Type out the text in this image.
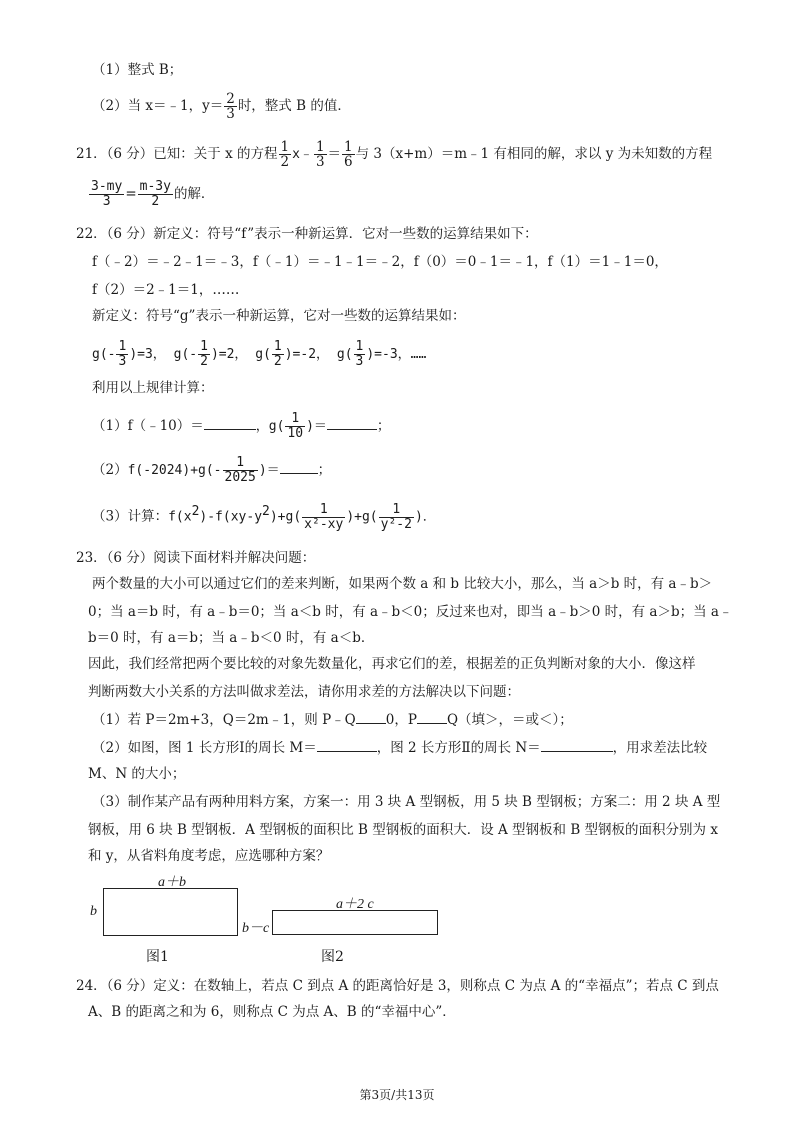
（1）整式 B；
（2）当 x＝﹣1，$y= \frac{2}{3}$ 时，整式 B 的值．
21．（6 分）已知：关于 x 的方程 $\frac{1}{2}$ x﹣ $\frac{1}{3} = \frac{1}{6}$ 与 3（x+m）＝m﹣1 有相同的解，求以 y 为未知数的方程
$\frac{3-my}{3} = \frac{m-3y}{2}$ 的解．
22．（6 分）新定义：符号“f”表示一种新运算．它对一些数的运算结果如下：
f（﹣2）＝﹣2﹣1＝﹣3，f（﹣1）＝﹣1﹣1＝﹣2，f（0）＝0﹣1＝﹣1，f（1）＝1﹣1＝0，
f（2）＝2﹣1＝1，……
新定义：符号“g”表示一种新运算，它对一些数的运算结果如：
$g(- \frac{1}{3} )=3$， $g(- \frac{1}{2} )=2$， $g( \frac{1}{2} )=-2$， $g( \frac{1}{3} )=-3$，……
利用以上规律计算：
（1）f（﹣10）＝	，$g( \frac{1}{10}$ )＝	；
$(2)f(-2024)+g(- \frac{1}{2025}$ )＝	；
（3）计算：$f(x^2)-f(xy-y^2)+g( \frac{1}{\text{x²-xy}} )+g( \frac{1}{\text{y²-2}}$ )．
23．（6 分）阅读下面材料并解决问题：
两个数量的大小可以通过它们的差来判断，如果两个数 a 和 b 比较大小，那么，当 a＞b 时，有 a﹣b＞
0；当 a＝b 时，有 a﹣b＝0；当 a＜b 时，有 a﹣b＜0；反过来也对，即当 a﹣b＞0 时，有 a＞b；当 a﹣
b＝0 时，有 a＝b；当 a﹣b＜0 时，有 a＜b．
因此，我们经常把两个要比较的对象先数量化，再求它们的差，根据差的正负判断对象的大小．像这样
判断两数大小关系的方法叫做求差法，请你用求差的方法解决以下问题：
（1）若 P＝2m+3，Q＝2m﹣1，则 P﹣Q 0，P Q（填＞，＝或＜）；
（2）如图，图 1 长方形Ⅰ的周长 M＝	，图 2 长方形Ⅱ的周长 N＝	，用求差法比较
M、N 的大小；
（3）制作某产品有两种用料方案，方案一：用 3 块 A 型钢板，用 5 块 B 型钢板；方案二：用 2 块 A 型
钢板，用 6 块 B 型钢板．A 型钢板的面积比 B 型钢板的面积大．设 A 型钢板和 B 型钢板的面积分别为 x
和 y，从省料角度考虑，应选哪种方案？
a＋b
b
图1
a＋2 c
b－c
图2
24．（6 分）定义：在数轴上，若点 C 到点 A 的距离恰好是 3，则称点 C 为点 A 的“幸福点”；若点 C 到点
A、B 的距离之和为 6，则称点 C 为点 A、B 的“幸福中心”．
第3页/共13页
